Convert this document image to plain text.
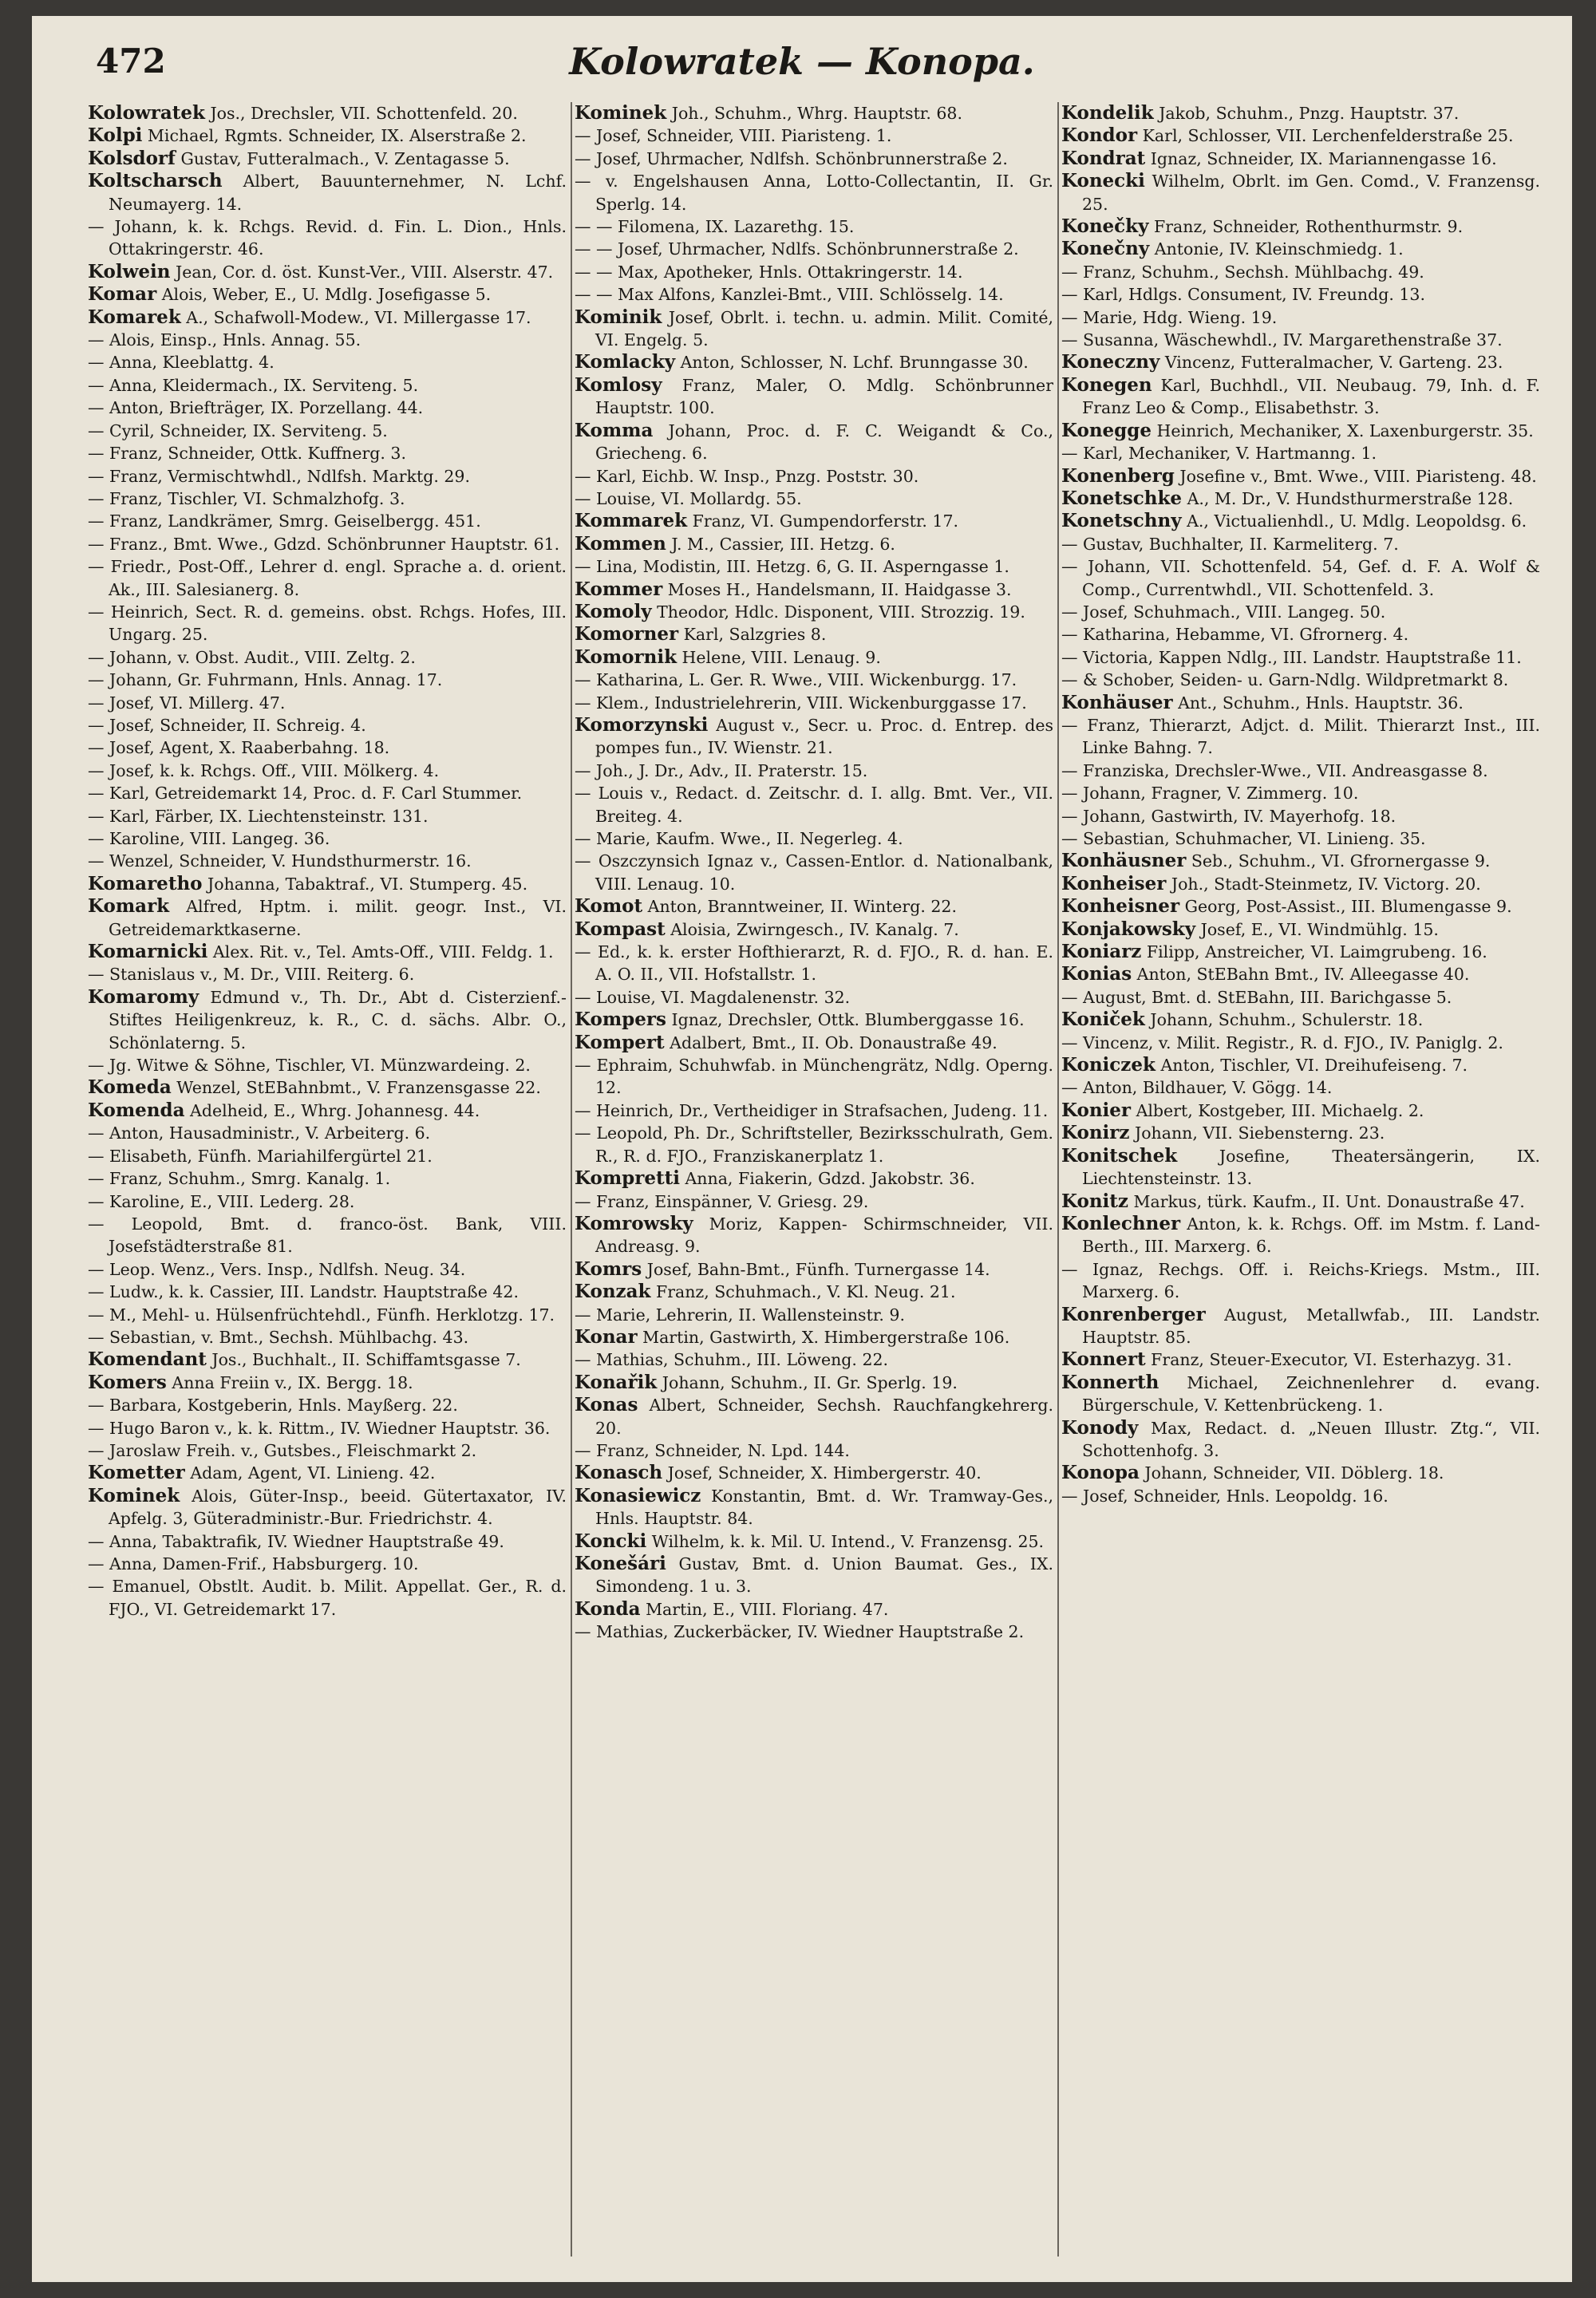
472	Kolowratek — Konopa.

Kolowratek Jos., Drechsler, VII. Schottenfeld. 20.

Kolpi Michael, Rgmts. Schneider, IX. Alserstraße 2.

Kolsdorf Gustav, Futteralmach., V. Zentagasse 5.

Koltscharsch Albert, Bauunternehmer, N. Lchf. Neumayerg. 14.

— Johann, k. k. Rchgs. Revid. d. Fin. L. Dion., Hnls. Ottakringerstr. 46.

Kolwein Jean, Cor. d. öst. Kunst-Ver., VIII. Alserstr. 47.

Komar Alois, Weber, E., U. Mdlg. Josefigasse 5.

Komarek A., Schafwoll-Modew., VI. Millergasse 17.

— Alois, Einsp., Hnls. Annag. 55.

— Anna, Kleeblattg. 4.

— Anna, Kleidermach., IX. Serviteng. 5.

— Anton, Briefträger, IX. Porzellang. 44.

— Cyril, Schneider, IX. Serviteng. 5.

— Franz, Schneider, Ottk. Kuffnerg. 3.

— Franz, Vermischtwhdl., Ndlfsh. Marktg. 29.

— Franz, Tischler, VI. Schmalzhofg. 3.

— Franz, Landkrämer, Smrg. Geiselbergg. 451.

— Franz., Bmt. Wwe., Gdzd. Schönbrunner Hauptstr. 61.

— Friedr., Post-Off., Lehrer d. engl. Sprache a. d. orient. Ak., III. Salesianerg. 8.

— Heinrich, Sect. R. d. gemeins. obst. Rchgs. Hofes, III. Ungarg. 25.

— Johann, v. Obst. Audit., VIII. Zeltg. 2.

— Johann, Gr. Fuhrmann, Hnls. Annag. 17.

— Josef, VI. Millerg. 47.

— Josef, Schneider, II. Schreig. 4.

— Josef, Agent, X. Raaberbahng. 18.

— Josef, k. k. Rchgs. Off., VIII. Mölkerg. 4.

— Karl, Getreidemarkt 14, Proc. d. F. Carl Stummer.

— Karl, Färber, IX. Liechtensteinstr. 131.

— Karoline, VIII. Langeg. 36.

— Wenzel, Schneider, V. Hundsthurmerstr. 16.

Komaretho Johanna, Tabaktraf., VI. Stumperg. 45.

Komark Alfred, Hptm. i. milit. geogr. Inst., VI. Getreidemarktkaserne.

Komarnicki Alex. Rit. v., Tel. Amts-Off., VIII. Feldg. 1.

— Stanislaus v., M. Dr., VIII. Reiterg. 6.

Komaromy Edmund v., Th. Dr., Abt d. Cisterzienf.-Stiftes Heiligenkreuz, k. R., C. d. sächs. Albr. O., Schönlaterng. 5.

— Jg. Witwe & Söhne, Tischler, VI. Münzwardeing. 2.

Komeda Wenzel, StEBahnbmt., V. Franzensgasse 22.

Komenda Adelheid, E., Whrg. Johannesg. 44.

— Anton, Hausadministr., V. Arbeiterg. 6.

— Elisabeth, Fünfh. Mariahilfergürtel 21.

— Franz, Schuhm., Smrg. Kanalg. 1.

— Karoline, E., VIII. Lederg. 28.

— Leopold, Bmt. d. franco-öst. Bank, VIII. Josefstädterstraße 81.

— Leop. Wenz., Vers. Insp., Ndlfsh. Neug. 34.

— Ludw., k. k. Cassier, III. Landstr. Hauptstraße 42.

— M., Mehl- u. Hülsenfrüchtehdl., Fünfh. Herklotzg. 17.

— Sebastian, v. Bmt., Sechsh. Mühlbachg. 43.

Komendant Jos., Buchhalt., II. Schiffamtsgasse 7.

Komers Anna Freiin v., IX. Bergg. 18.

— Barbara, Kostgeberin, Hnls. Mayßerg. 22.

— Hugo Baron v., k. k. Rittm., IV. Wiedner Hauptstr. 36.

— Jaroslaw Freih. v., Gutsbes., Fleischmarkt 2.

Kometter Adam, Agent, VI. Linieng. 42.

Kominek Alois, Güter-Insp., beeid. Gütertaxator, IV. Apfelg. 3, Güteradministr.-Bur. Friedrichstr. 4.

— Anna, Tabaktrafik, IV. Wiedner Hauptstraße 49.

— Anna, Damen-Frif., Habsburgerg. 10.

— Emanuel, Obstlt. Audit. b. Milit. Appellat. Ger., R. d. FJO., VI. Getreidemarkt 17.

Kominek Joh., Schuhm., Whrg. Hauptstr. 68.

— Josef, Schneider, VIII. Piaristeng. 1.

— Josef, Uhrmacher, Ndlfsh. Schönbrunnerstraße 2.

— v. Engelshausen Anna, Lotto-Collectantin, II. Gr. Sperlg. 14.

— — Filomena, IX. Lazarethg. 15.

— — Josef, Uhrmacher, Ndlfs. Schönbrunnerstraße 2.

— — Max, Apotheker, Hnls. Ottakringerstr. 14.

— — Max Alfons, Kanzlei-Bmt., VIII. Schlösselg. 14.

Kominik Josef, Obrlt. i. techn. u. admin. Milit. Comité, VI. Engelg. 5.

Komlacky Anton, Schlosser, N. Lchf. Brunngasse 30.

Komlosy Franz, Maler, O. Mdlg. Schönbrunner Hauptstr. 100.

Komma Johann, Proc. d. F. C. Weigandt & Co., Griecheng. 6.

— Karl, Eichb. W. Insp., Pnzg. Poststr. 30.

— Louise, VI. Mollardg. 55.

Kommarek Franz, VI. Gumpendorferstr. 17.

Kommen J. M., Cassier, III. Hetzg. 6.

— Lina, Modistin, III. Hetzg. 6, G. II. Asperngasse 1.

Kommer Moses H., Handelsmann, II. Haidgasse 3.

Komoly Theodor, Hdlc. Disponent, VIII. Strozzig. 19.

Komorner Karl, Salzgries 8.

Komornik Helene, VIII. Lenaug. 9.

— Katharina, L. Ger. R. Wwe., VIII. Wickenburgg. 17.

— Klem., Industrielehrerin, VIII. Wickenburggasse 17.

Komorzynski August v., Secr. u. Proc. d. Entrep. des pompes fun., IV. Wienstr. 21.

— Joh., J. Dr., Adv., II. Praterstr. 15.

— Louis v., Redact. d. Zeitschr. d. I. allg. Bmt. Ver., VII. Breiteg. 4.

— Marie, Kaufm. Wwe., II. Negerleg. 4.

— Oszczynsich Ignaz v., Cassen-Entlor. d. Nationalbank, VIII. Lenaug. 10.

Komot Anton, Branntweiner, II. Winterg. 22.

Kompast Aloisia, Zwirngesch., IV. Kanalg. 7.

— Ed., k. k. erster Hofthierarzt, R. d. FJO., R. d. han. E. A. O. II., VII. Hofstallstr. 1.

— Louise, VI. Magdalenenstr. 32.

Kompers Ignaz, Drechsler, Ottk. Blumberggasse 16.

Kompert Adalbert, Bmt., II. Ob. Donaustraße 49.

— Ephraim, Schuhwfab. in Münchengrätz, Ndlg. Operng. 12.

— Heinrich, Dr., Vertheidiger in Strafsachen, Judeng. 11.

— Leopold, Ph. Dr., Schriftsteller, Bezirksschulrath, Gem. R., R. d. FJO., Franziskanerplatz 1.

Kompretti Anna, Fiakerin, Gdzd. Jakobstr. 36.

— Franz, Einspänner, V. Griesg. 29.

Komrowsky Moriz, Kappen- Schirmschneider, VII. Andreasg. 9.

Komrs Josef, Bahn-Bmt., Fünfh. Turnergasse 14.

Konzak Franz, Schuhmach., V. Kl. Neug. 21.

— Marie, Lehrerin, II. Wallensteinstr. 9.

Konar Martin, Gastwirth, X. Himbergerstraße 106.

— Mathias, Schuhm., III. Löweng. 22.

Konařik Johann, Schuhm., II. Gr. Sperlg. 19.

Konas Albert, Schneider, Sechsh. Rauchfangkehrerg. 20.

— Franz, Schneider, N. Lpd. 144.

Konasch Josef, Schneider, X. Himbergerstr. 40.

Konasiewicz Konstantin, Bmt. d. Wr. Tramway-Ges., Hnls. Hauptstr. 84.

Koncki Wilhelm, k. k. Mil. U. Intend., V. Franzensg. 25.

Konešári Gustav, Bmt. d. Union Baumat. Ges., IX. Simondeng. 1 u. 3.

Konda Martin, E., VIII. Floriang. 47.

— Mathias, Zuckerbäcker, IV. Wiedner Hauptstraße 2.

Kondelik Jakob, Schuhm., Pnzg. Hauptstr. 37.

Kondor Karl, Schlosser, VII. Lerchenfelderstraße 25.

Kondrat Ignaz, Schneider, IX. Mariannengasse 16.

Konecki Wilhelm, Obrlt. im Gen. Comd., V. Franzensg. 25.

Konečky Franz, Schneider, Rothenthurmstr. 9.

Konečny Antonie, IV. Kleinschmiedg. 1.

— Franz, Schuhm., Sechsh. Mühlbachg. 49.

— Karl, Hdlgs. Consument, IV. Freundg. 13.

— Marie, Hdg. Wieng. 19.

— Susanna, Wäschewhdl., IV. Margarethenstraße 37.

Koneczny Vincenz, Futteralmacher, V. Garteng. 23.

Konegen Karl, Buchhdl., VII. Neubaug. 79, Inh. d. F. Franz Leo & Comp., Elisabethstr. 3.

Konegge Heinrich, Mechaniker, X. Laxenburgerstr. 35.

— Karl, Mechaniker, V. Hartmanng. 1.

Konenberg Josefine v., Bmt. Wwe., VIII. Piaristeng. 48.

Konetschke A., M. Dr., V. Hundsthurmerstraße 128.

Konetschny A., Victualienhdl., U. Mdlg. Leopoldsg. 6.

— Gustav, Buchhalter, II. Karmeliterg. 7.

— Johann, VII. Schottenfeld. 54, Gef. d. F. A. Wolf & Comp., Currentwhdl., VII. Schottenfeld. 3.

— Josef, Schuhmach., VIII. Langeg. 50.

— Katharina, Hebamme, VI. Gfrornerg. 4.

— Victoria, Kappen Ndlg., III. Landstr. Hauptstraße 11.

— & Schober, Seiden- u. Garn-Ndlg. Wildpretmarkt 8.

Konhäuser Ant., Schuhm., Hnls. Hauptstr. 36.

— Franz, Thierarzt, Adjct. d. Milit. Thierarzt Inst., III. Linke Bahng. 7.

— Franziska, Drechsler-Wwe., VII. Andreasgasse 8.

— Johann, Fragner, V. Zimmerg. 10.

— Johann, Gastwirth, IV. Mayerhofg. 18.

— Sebastian, Schuhmacher, VI. Linieng. 35.

Konhäusner Seb., Schuhm., VI. Gfrornergasse 9.

Konheiser Joh., Stadt-Steinmetz, IV. Victorg. 20.

Konheisner Georg, Post-Assist., III. Blumengasse 9.

Konjakowsky Josef, E., VI. Windmühlg. 15.

Koniarz Filipp, Anstreicher, VI. Laimgrubeng. 16.

Konias Anton, StEBahn Bmt., IV. Alleegasse 40.

— August, Bmt. d. StEBahn, III. Barichgasse 5.

Koniček Johann, Schuhm., Schulerstr. 18.

— Vincenz, v. Milit. Registr., R. d. FJO., IV. Paniglg. 2.

Koniczek Anton, Tischler, VI. Dreihufeiseng. 7.

— Anton, Bildhauer, V. Gögg. 14.

Konier Albert, Kostgeber, III. Michaelg. 2.

Konirz Johann, VII. Siebensterng. 23.

Konitschek Josefine, Theatersängerin, IX. Liechtensteinstr. 13.

Konitz Markus, türk. Kaufm., II. Unt. Donaustraße 47.

Konlechner Anton, k. k. Rchgs. Off. im Mstm. f. Land-Berth., III. Marxerg. 6.

— Ignaz, Rechgs. Off. i. Reichs-Kriegs. Mstm., III. Marxerg. 6.

Konrenberger August, Metallwfab., III. Landstr. Hauptstr. 85.

Konnert Franz, Steuer-Executor, VI. Esterhazyg. 31.

Konnerth Michael, Zeichnenlehrer d. evang. Bürgerschule, V. Kettenbrückeng. 1.

Konody Max, Redact. d. „Neuen Illustr. Ztg.“, VII. Schottenhofg. 3.

Konopa Johann, Schneider, VII. Döblerg. 18.

— Josef, Schneider, Hnls. Leopoldg. 16.
